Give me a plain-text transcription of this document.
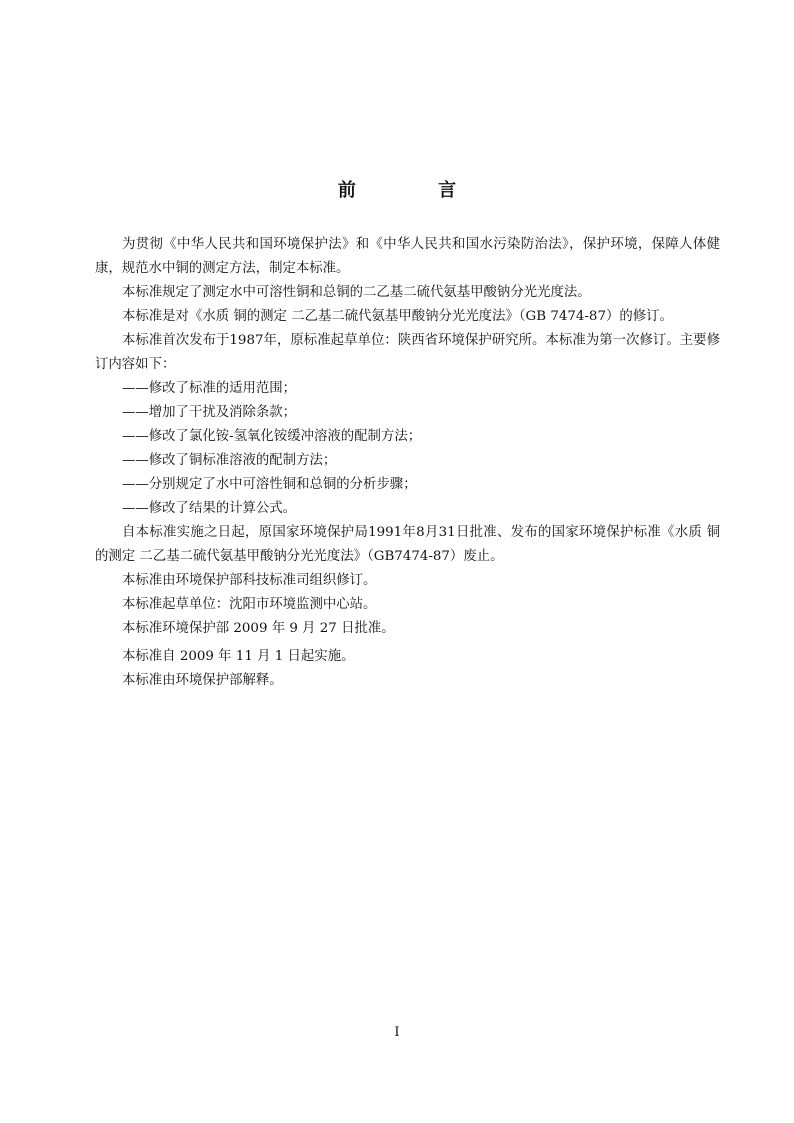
前 言

为贯彻《中华人民共和国环境保护法》和《中华人民共和国水污染防治法》，保护环境，保障人体健康，规范水中铜的测定方法，制定本标准。

本标准规定了测定水中可溶性铜和总铜的二乙基二硫代氨基甲酸钠分光光度法。

本标准是对《水质 铜的测定 二乙基二硫代氨基甲酸钠分光光度法》（GB 7474-87）的修订。

本标准首次发布于1987年，原标准起草单位：陕西省环境保护研究所。本标准为第一次修订。主要修订内容如下：

——修改了标准的适用范围；

——增加了干扰及消除条款；

——修改了氯化铵-氢氧化铵缓冲溶液的配制方法；

——修改了铜标准溶液的配制方法；

——分别规定了水中可溶性铜和总铜的分析步骤；

——修改了结果的计算公式。

自本标准实施之日起，原国家环境保护局1991年8月31日批准、发布的国家环境保护标准《水质 铜的测定 二乙基二硫代氨基甲酸钠分光光度法》（GB7474-87）废止。

本标准由环境保护部科技标准司组织修订。

本标准起草单位：沈阳市环境监测中心站。

本标准环境保护部 2009 年 9 月 27 日批准。

本标准自 2009 年 11 月 1 日起实施。

本标准由环境保护部解释。

I
